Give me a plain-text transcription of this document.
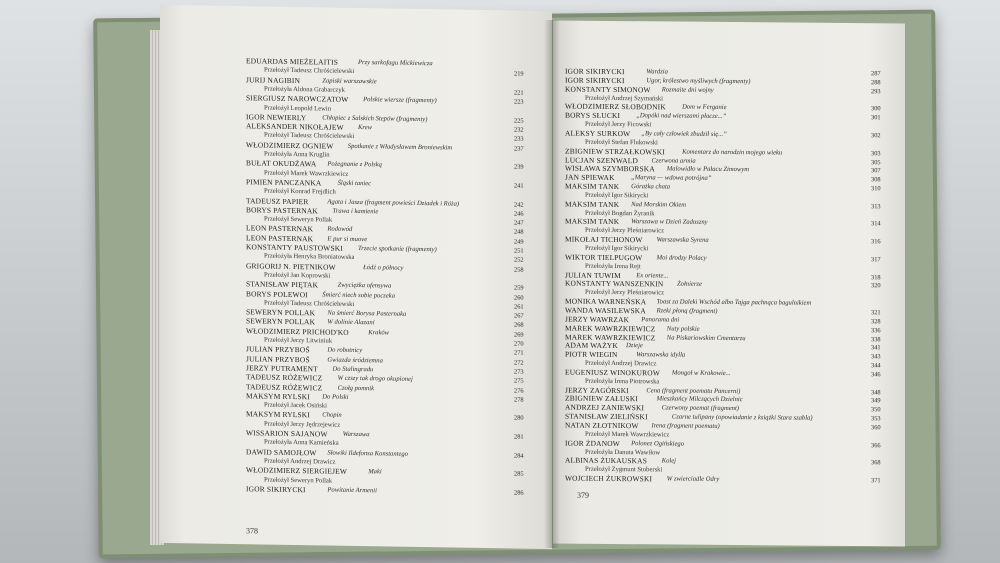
EDUARDAS MIEŻELAITIS	Przy sarkofagu Mickiewicza
Przełożył Tadeusz Chróścielewski	219
JURIJ NAGIBIN	Zapiski warszawskie
Przełożyła Aldona Grabarczyk	221
SIERGIUSZ NAROWCZATOW Polskie wiersze (fragmenty)	223
Przełożył Leopold Lewin
IGOR NEWIERLY Chłopiec z Salskich Stepów (fragmenty)	225
ALEKSANDER NIKOŁAJEW Krew	232
Przełożył Tadeusz Chróścielewski	233
WŁODZIMIERZ OGNIEW Spotkanie z Władysławem Broniewskim	237
Przełożyła Anna Kruglin
BUŁAT OKUDŻAWA Pożegnanie z Polską	239
Przełożył Marek Wawrzkiewicz
PIMIEN PANCZANKA Śląski taniec	241
Przełożył Konrad Frejdlich
TADEUSZ PAPIER	Agata i Jasza (fragment powieści Dziadek i Róża)	242
BORYS PASTERNAK Trawa i kamienie	246
Przełożył Seweryn Pollak	247
LEON PASTERNAK Rodowód	248
LEON PASTERNAK E pur si muove	249
KONSTANTY PAUSTOWSKI Trzecie spotkanie (fragmenty)	251
Przełożyła Henryka Broniatowska	252
GRIGORIJ N. PIETNIKOW	Łódź o północy	258
Przełożył Jan Koprowski
STANISŁAW PIĘTAK	Zwyciężka ofensywa	259
BORYS POLEWOI Śmierć niech sobie poczeka	260
Przełożył Tadeusz Chróścielewski	261
SEWERYN POLLAK Na śmierć Borysa Pasternaka	267
SEWERYN POLLAK W dolinie Alazani	268
WŁODZIMIERZ PRICHOD'KO	Kraków	269
Przełożył Jerzy Litwiniuk	270
JULIAN PRZYBOŚ	Do robotnicy	271
JULIAN PRZYBOŚ	Gwiazda śródziemna	272
JERZY PUTRAMENT Do Stalingradu	273
TADEUSZ RÓŻEWICZ W czszy tak drogo okupionej	275
TADEUSZ RÓŻEWICZ Czołg pomnik	276
MAKSYM RYLSKI Do Polski	278
Przełożył Jacek Osiński
MAKSYM RYLSKI Chopin	280
Przełożył Jerzy Jędrzejewicz
WISSARION SAJANOW Warszawa	281
Przełożyła Anna Kamieńska
DAWID SAMOJŁOW Słowiki Ildefonsa Konstantego	284
Przełożył Andrzej Drawicz
WŁODZIMIERZ SIERGIEJEW	Maki	285
Przełożył Seweryn Pollak
IGOR SIKIRYCKI	Powitanie Armenii	286
378
IGOR SIKIRYCKI	Wardzia	287
IGOR SIKIRYCKI	Ugor, królestwo myśliwych (fragmenty)	288
KONSTANTY SIMONOW Rozmaite dni wojny	293
Przełożył Andrzej Szymański
WŁODZIMIERZ SŁOBODNIK Dom w Ferganie	300
BORYS SŁUCKI „Dopóki nad wierszami płacze...”	301
Przełożył Jerzy Ficowski
ALEKSY SURKOW „By cały człowiek zbudził się...”	302
Przełożył Stefan Flukowski
ZBIGNIEW STRZAŁKOWSKI	Komentarz do narodzin mojego wieku	303
LUCJAN SZENWALD Czerwona armia	305
WISŁAWA SZYMBORSKA Malowidło w Pałacu Zimowym	307
JAN SPIEWAK „Maryna — wdowa potrójna”	308
MAKSIM TANK Górażka chata	310
Przełożył Igor Sikirycki
MAKSIM TANK Nad Morskim Okiem	313
Przełożył Bogdan Żyranik
MAKSIM TANK Warszawa w Dzień Zaduszny	314
Przełożył Jerzy Pleśniarowicz
MIKOŁAJ TICHONOW Warszawska Syrena	316
Przełożył Igor Sikirycki
WIKTOR TIELPUGOW Moi drodzy Polacy	317
Przełożyła Irena Rejt
JULIAN TUWIM Ex oriente...	318
KONSTANTY WANSZENKIN Żołnierze	320
Przełożył Jerzy Pleśniarowicz
MONIKA WARNEŃSKA Toast za Daleki Wschód albo Tajga pachnąca bagulnikiem
WANDA WASILEWSKA Rzeki płoną (fragment)	321
JERZY WAWRZAK Panorama dni	328
MAREK WAWRZKIEWICZ Nuty polskie	336
MAREK WAWRZKIEWICZ Na Piskariowskim Cmentarzu	338
ADAM WAŻYK Dzieje	341
PIOTR WIEGIN	Warszawska idylla	343
Przełożył Andrzej Drawicz	344
EUGENIUSZ WINOKUROW Mongoł w Krakowie...	346
Przełożyła Irena Piotrowska
JERZY ZAGÓRSKI	Cena (fragment poematu Pancerni)	348
ZBIGNIEW ZAŁUSKI	Mieszkańcy Milczących Dzielnic	349
ANDRZEJ ZANIEWSKI	Czerwony poemat (fragment)	350
STANISŁAW ZIELIŃSKI	Czarne tulipany (opowiadanie z książki Stara szabla)	353
NATAN ZŁOTNIKOW Irena (fragment poematu)	360
Przełożył Marek Wawrzkiewicz
IGOR ŻDANOW Polonez Ogińskiego	366
Przełożyła Danuta Wawiłow
ALBINAS ŻUKAUSKAS Kolej	368
Przełożył Zygmunt Stoberski
WOJCIECH ŻUKROWSKI W zwierciadle Odry	371
379
